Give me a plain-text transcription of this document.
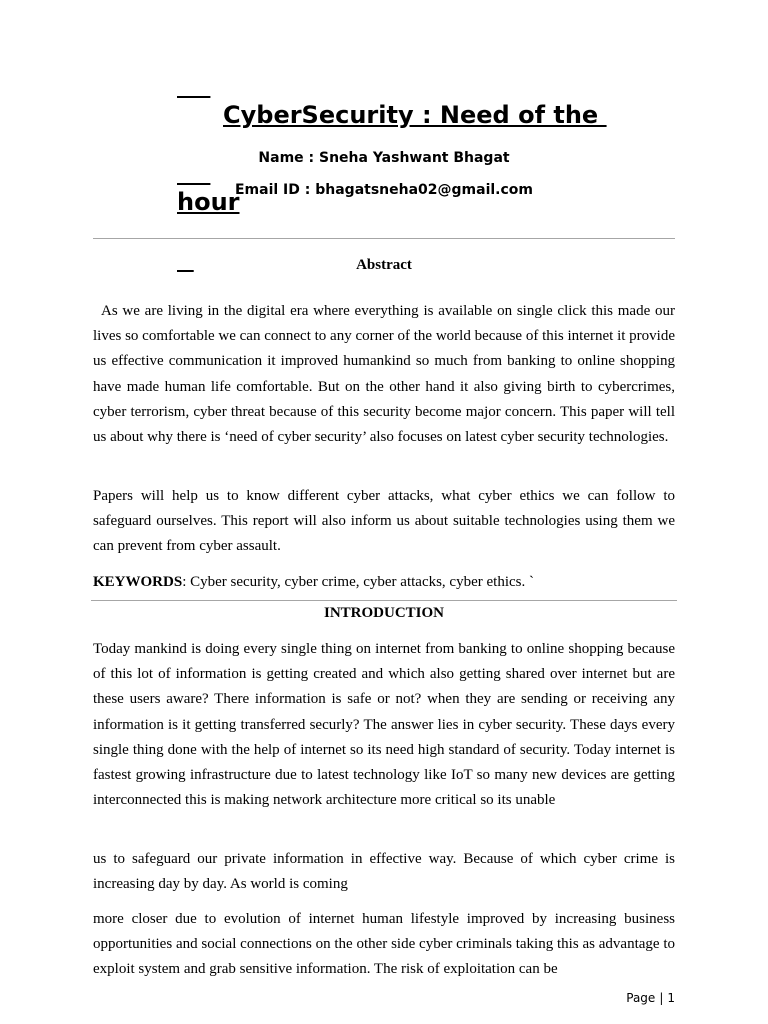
CyberSecurity : Need of the

hour

Name : Sneha Yashwant Bhagat
Email ID : bhagatsneha02@gmail.com
Abstract

As we are living in the digital era where everything is available on single click this made our lives so comfortable we can connect to any corner of the world because of this internet it provide us effective communication it improved humankind so much from banking to online shopping have made human life comfortable. But on the other hand it also giving birth to cybercrimes, cyber terrorism, cyber threat because of this security become major concern. This paper will tell us about why there is ‘need of cyber security’ also focuses on latest cyber security technologies.

Papers will help us to know different cyber attacks, what cyber ethics we can follow to safeguard ourselves. This report will also inform us about suitable technologies using them we can prevent from cyber assault.

KEYWORDS: Cyber security, cyber crime, cyber attacks, cyber ethics. `
INTRODUCTION

Today mankind is doing every single thing on internet from banking to online shopping because of this lot of information is getting created and which also getting shared over internet but are these users aware? There information is safe or not? when they are sending or receiving any information is it getting transferred securly? The answer lies in cyber security. These days every single thing done with the help of internet so its need high standard of security. Today internet is fastest growing infrastructure due to latest technology like IoT so many new devices are getting interconnected this is making network architecture more critical so its unable

us to safeguard our private information in effective way. Because of which cyber crime is increasing day by day. As world is coming

more closer due to evolution of internet human lifestyle improved by increasing business opportunities and social connections on the other side cyber criminals taking this as advantage to exploit system and grab sensitive information. The risk of exploitation can be

Page | 1
